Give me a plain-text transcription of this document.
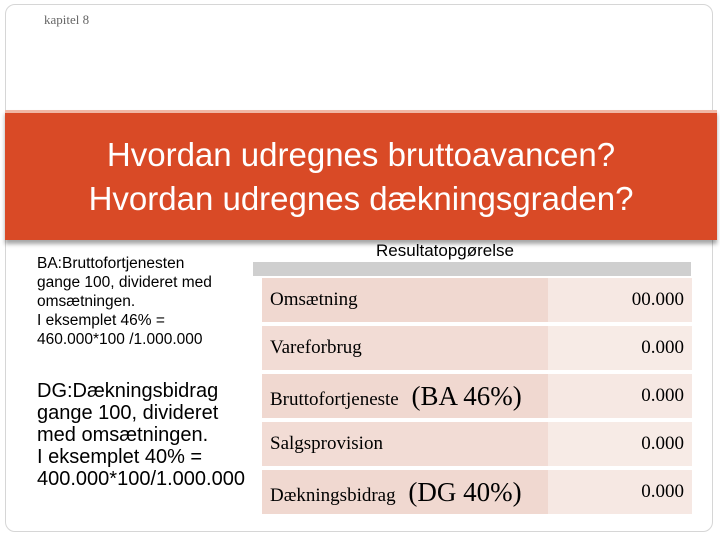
kapitel 8
Hvordan udregnes bruttoavancen?
Hvordan udregnes dækningsgraden?
BA:Bruttofortjenesten
gange 100, divideret med
omsætningen.
I eksemplet 46% =
460.000*100 /1.000.000
DG:Dækningsbidrag
gange 100, divideret
med omsætningen.
I eksemplet 40% =
400.000*100/1.000.000
Resultatopgørelse
Omsætning	00.000
Vareforbrug	0.000
Bruttofortjeneste (BA 46%)	0.000
Salgsprovision	0.000
Dækningsbidrag (DG 40%)	0.000
